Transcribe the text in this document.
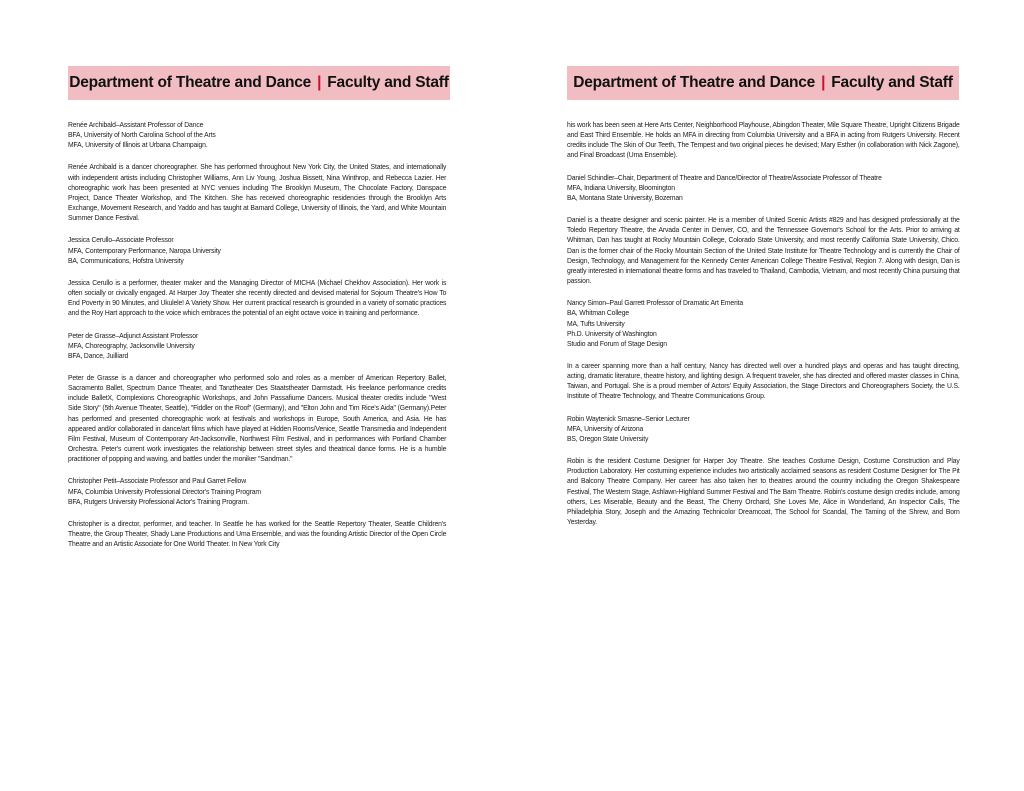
Department of Theatre and Dance | Faculty and Staff
Renée Archibald–Assistant Professor of Dance
BFA, University of North Carolina School of the Arts
MFA, University of Illinois at Urbana Champaign.

Renée Archibald is a dancer choreographer. She has performed throughout New York City, the United States, and internationally with independent artists including Christopher Williams, Ann Liv Young, Joshua Bissett, Nina Winthrop, and Rebecca Lazier. Her choreographic work has been presented at NYC venues including The Brooklyn Museum, The Chocolate Factory, Danspace Project, Dance Theater Workshop, and The Kitchen. She has received choreographic residencies through the Brooklyn Arts Exchange, Movement Research, and Yaddo and has taught at Barnard College, University of Illinois, the Yard, and White Mountain Summer Dance Festival.

Jessica Cerullo–Associate Professor
MFA, Contemporary Performance, Naropa University
BA, Communications, Hofstra University

Jessica Cerullo is a performer, theater maker and the Managing Director of MICHA (Michael Chekhov Association). Her work is often socially or civically engaged. At Harper Joy Theater she recently directed and devised material for Sojourn Theatre's How To End Poverty in 90 Minutes, and Ukulele! A Variety Show. Her current practical research is grounded in a variety of somatic practices and the Roy Hart approach to the voice which embraces the potential of an eight octave voice in training and performance.

Peter de Grasse–Adjunct Assistant Professor
MFA, Choreography, Jacksonville University
BFA, Dance, Juilliard

Peter de Grasse is a dancer and choreographer who performed solo and roles as a member of American Repertory Ballet, Sacramento Ballet, Spectrum Dance Theater, and Tanztheater Des Staatstheater Darmstadt. His freelance performance credits include BalletX, Complexions Choreographic Workshops, and John Passafiume Dancers. Musical theater credits include "West Side Story" (5th Avenue Theater, Seattle), "Fiddler on the Roof" (Germany), and "Elton John and Tim Rice's Aida" (Germany).Peter has performed and presented choreographic work at festivals and workshops in Europe, South America, and Asia. He has appeared and/or collaborated in dance/art films which have played at Hidden Rooms/Venice, Seattle Transmedia and Independent Film Festival, Museum of Contemporary Art-Jacksonville, Northwest Film Festival, and in performances with Portland Chamber Orchestra. Peter's current work investigates the relationship between street styles and theatrical dance forms. He is a humble practitioner of popping and waving, and battles under the moniker "Sandman."

Christopher Petit–Associate Professor and Paul Garret Fellow
MFA, Columbia University Professional Director's Training Program
BFA, Rutgers University Professional Actor's Training Program.

Christopher is a director, performer, and teacher. In Seattle he has worked for the Seattle Repertory Theater, Seattle Children's Theatre, the Group Theater, Shady Lane Productions and Uma Ensemble, and was the founding Artistic Director of the Open Circle Theatre and an Artistic Associate for One World Theater. In New York City

Department of Theatre and Dance | Faculty and Staff

his work has been seen at Here Arts Center, Neighborhood Playhouse, Abingdon Theater, Mile Square Theatre, Upright Citizens Brigade and East Third Ensemble. He holds an MFA in directing from Columbia University and a BFA in acting from Rutgers University. Recent credits include The Skin of Our Teeth, The Tempest and two original pieces he devised; Mary Esther (in collaboration with Nick Zagone), and Final Broadcast (Uma Ensemble).

Daniel Schindler–Chair, Department of Theatre and Dance/Director of Theatre/Associate Professor of Theatre
MFA, Indiana University, Bloomington
BA, Montana State University, Bozeman

Daniel is a theatre designer and scenic painter. He is a member of United Scenic Artists #829 and has designed professionally at the Toledo Repertory Theatre, the Arvada Center in Denver, CO, and the Tennessee Governor's School for the Arts. Prior to arriving at Whitman, Dan has taught at Rocky Mountain College, Colorado State University, and most recently California State University, Chico. Dan is the former chair of the Rocky Mountain Section of the United State Institute for Theatre Technology and is currently the Chair of Design, Technology, and Management for the Kennedy Center American College Theatre Festival, Region 7. Along with design, Dan is greatly interested in international theatre forms and has traveled to Thailand, Cambodia, Vietnam, and most recently China pursuing that passion.

Nancy Simon–Paul Garrett Professor of Dramatic Art Emerita
BA, Whitman College
MA, Tufts University
Ph.D. University of Washington
Studio and Forum of Stage Design

In a career spanning more than a half century, Nancy has directed well over a hundred plays and operas and has taught directing, acting, dramatic literature, theatre history, and lighting design. A frequent traveler, she has directed and offered master classes in China, Taiwan, and Portugal. She is a proud member of Actors' Equity Association, the Stage Directors and Choreographers Society, the U.S. Institute of Theatre Technology, and Theatre Communications Group.

Robin Waytenick Smasne–Senior Lecturer
MFA, University of Arizona
BS, Oregon State University

Robin is the resident Costume Designer for Harper Joy Theatre. She teaches Costume Design, Costume Construction and Play Production Laboratory. Her costuming experience includes two artistically acclaimed seasons as resident Costume Designer for The Pit and Balcony Theatre Company. Her career has also taken her to theatres around the country including the Oregon Shakespeare Festival, The Western Stage, Ashlawn-Highland Summer Festival and The Barn Theatre. Robin's costume design credits include, among others, Les Miserable, Beauty and the Beast, The Cherry Orchard, She Loves Me, Alice in Wonderland, An Inspector Calls, The Philadelphia Story, Joseph and the Amazing Technicolor Dreamcoat, The School for Scandal, The Taming of the Shrew, and Born Yesterday.
